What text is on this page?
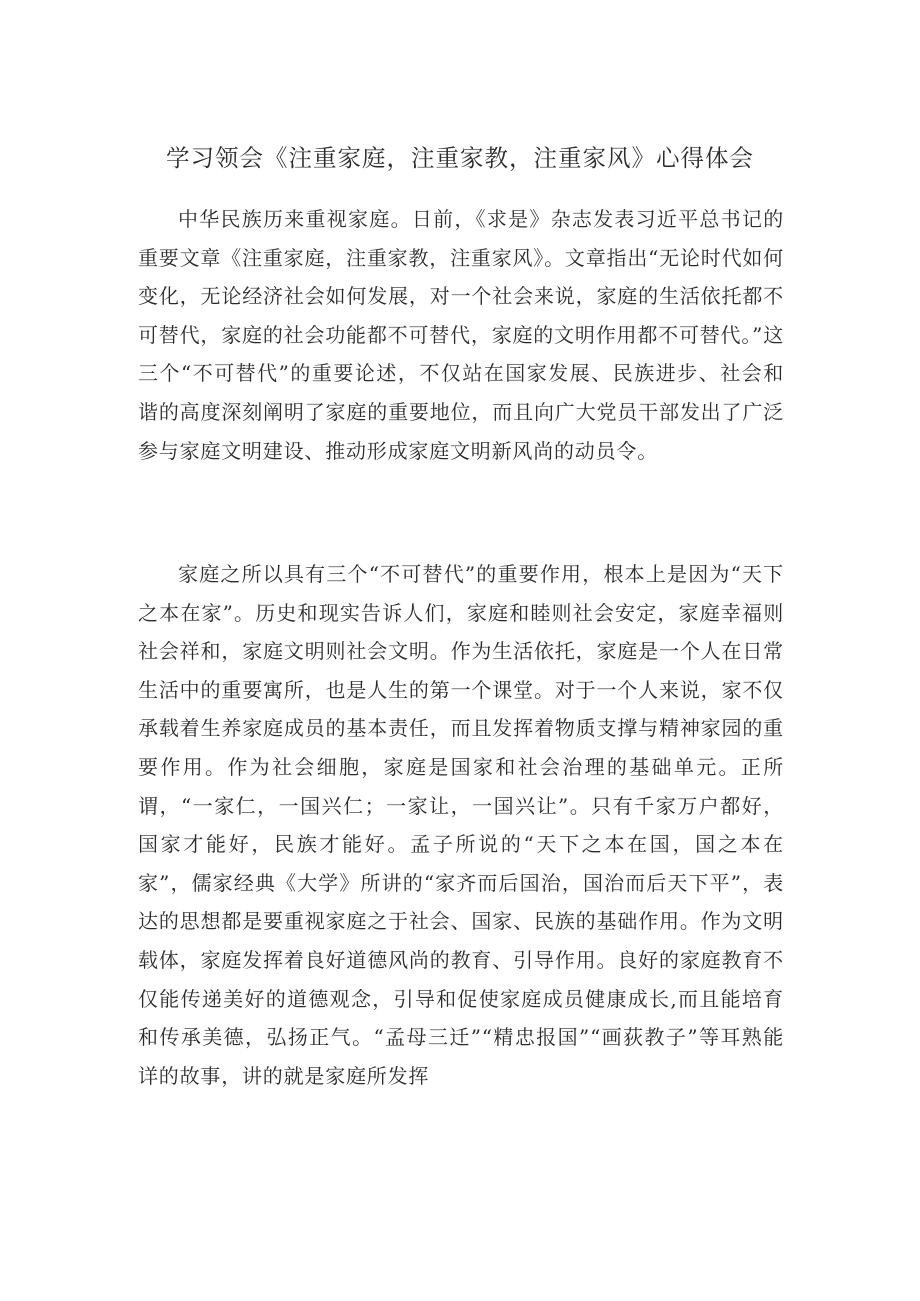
学习领会《注重家庭，注重家教，注重家风》心得体会

中华民族历来重视家庭。日前，《求是》杂志发表习近平总书记的重要文章《注重家庭，注重家教，注重家风》。文章指出“无论时代如何变化，无论经济社会如何发展，对一个社会来说，家庭的生活依托都不可替代，家庭的社会功能都不可替代，家庭的文明作用都不可替代。”这三个“不可替代”的重要论述，不仅站在国家发展、民族进步、社会和谐的高度深刻阐明了家庭的重要地位，而且向广大党员干部发出了广泛参与家庭文明建设、推动形成家庭文明新风尚的动员令。

家庭之所以具有三个“不可替代”的重要作用，根本上是因为“天下之本在家”。历史和现实告诉人们，家庭和睦则社会安定，家庭幸福则社会祥和，家庭文明则社会文明。作为生活依托，家庭是一个人在日常生活中的重要寓所，也是人生的第一个课堂。对于一个人来说，家不仅承载着生养家庭成员的基本责任，而且发挥着物质支撑与精神家园的重要作用。作为社会细胞，家庭是国家和社会治理的基础单元。正所谓，“一家仁，一国兴仁；一家让，一国兴让”。只有千家万户都好，国家才能好，民族才能好。孟子所说的“天下之本在国，国之本在家”，儒家经典《大学》所讲的“家齐而后国治，国治而后天下平”，表达的思想都是要重视家庭之于社会、国家、民族的基础作用。作为文明载体，家庭发挥着良好道德风尚的教育、引导作用。良好的家庭教育不仅能传递美好的道德观念，引导和促使家庭成员健康成长,而且能培育和传承美德，弘扬正气。“孟母三迁”“精忠报国”“画荻教子”等耳熟能详的故事，讲的就是家庭所发挥
